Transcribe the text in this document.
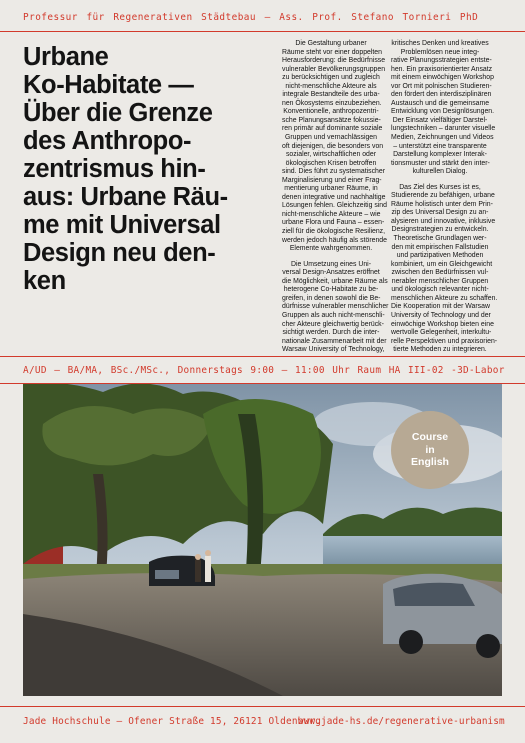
Professur für Regenerativen Städtebau — Ass. Prof. Stefano Tornieri PhD
Urbane
Ko-Habitate —
Über die Grenze
des Anthropo-
zentrismus hin-
aus: Urbane Räu-
me mit Universal
Design neu den-
ken
Die Gestaltung urbaner
Räume steht vor einer doppelten
Herausforderung: die Bedürfnisse
vulnerabler Bevölkerungsgruppen
zu berücksichtigen und zugleich
nicht-menschliche Akteure als
integrale Bestandteile des urba-
nen Ökosystems einzubeziehen.
Konventionelle, anthropozentri-
sche Planungsansätze fokussie-
ren primär auf dominante soziale
Gruppen und vernachlässigen
oft diejenigen, die besonders von
sozialer, wirtschaftlichen oder
ökologischen Krisen betroffen
sind. Dies führt zu systematischer
Marginalisierung und einer Frag-
mentierung urbaner Räume, in
denen integrative und nachhaltige
Lösungen fehlen. Gleichzeitig sind
nicht-menschliche Akteure – wie
urbane Flora und Fauna – essen-
ziell für die ökologische Resilienz,
werden jedoch häufig als störende
Elemente wahrgenommen.
Die Umsetzung eines Uni-
versal Design-Ansatzes eröffnet
die Möglichkeit, urbane Räume als
heterogene Co-Habitate zu be-
greifen, in denen sowohl die Be-
dürfnisse vulnerabler menschlicher
Gruppen als auch nicht-menschli-
cher Akteure gleichwertig berück-
sichtigt werden. Durch die inter-
nationale Zusammenarbeit mit der
Warsaw University of Technology,
kritisches Denken und kreatives
Problemlösen neue integ-
rative Planungsstrategien entste-
hen. Ein praxisorientierter Ansatz
mit einem einwöchigen Workshop
vor Ort mit polnischen Studieren-
den fördert den interdisziplinären
Austausch und die gemeinsame
Entwicklung von Designlösungen.
Der Einsatz vielfältiger Darstel-
lungstechniken – darunter visuelle
Medien, Zeichnungen und Videos
– unterstützt eine transparente
Darstellung komplexer Interak-
tionsmuster und stärkt den inter-
kulturellen Dialog.
Das Ziel des Kurses ist es,
Studierende zu befähigen, urbane
Räume holistisch unter dem Prin-
zip des Universal Design zu an-
alysieren und innovative, inklusive
Designstrategien zu entwickeln.
Theoretische Grundlagen wer-
den mit empirischen Fallstudien
und partizipativen Methoden
kombiniert, um ein Gleichgewicht
zwischen den Bedürfnissen vul-
nerabler menschlicher Gruppen
und ökologisch relevanter nicht-
menschlichen Akteure zu schaffen.
Die Kooperation mit der Warsaw
University of Technology und der
einwöchige Workshop bieten eine
wertvolle Gelegenheit, interkultu-
relle Perspektiven und praxisorien-
tierte Methoden zu integrieren.
A/UD — BA/MA, BSc./MSc., Donnerstags 9:00 — 11:00 Uhr Raum HA III-02 -3D-Labor
Course
in
English
Jade Hochschule — Ofener Straße 15, 26121 Oldenburg
www.jade-hs.de/regenerative-urbanism
